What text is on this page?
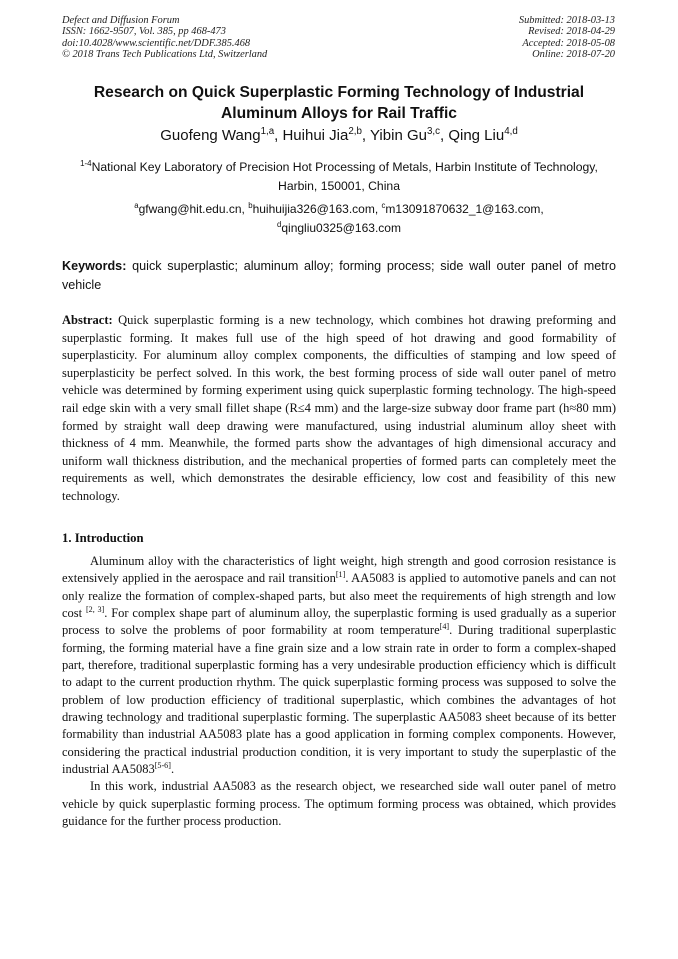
Defect and Diffusion Forum
ISSN: 1662-9507, Vol. 385, pp 468-473
doi:10.4028/www.scientific.net/DDF.385.468
© 2018 Trans Tech Publications Ltd, Switzerland
Submitted: 2018-03-13
Revised: 2018-04-29
Accepted: 2018-05-08
Online: 2018-07-20
Research on Quick Superplastic Forming Technology of Industrial
Aluminum Alloys for Rail Traffic
Guofeng Wang$^{1,a}$, Huihui Jia$^{2,b}$, Yibin Gu$^{3,c}$, Qing Liu$^{4,d}$
$^{1-4}$National Key Laboratory of Precision Hot Processing of Metals, Harbin Institute of Technology,
Harbin, 150001, China
$^a$gfwang@hit.edu.cn, $^b$huihuijia326@163.com, $^c$m13091870632_1@163.com,
$^d$qingliu0325@163.com
Keywords: quick superplastic; aluminum alloy; forming process; side wall outer panel of metro vehicle
Abstract: Quick superplastic forming is a new technology, which combines hot drawing preforming and superplastic forming. It makes full use of the high speed of hot drawing and good formability of superplasticity. For aluminum alloy complex components, the difficulties of stamping and low speed of superplasticity be perfect solved. In this work, the best forming process of side wall outer panel of metro vehicle was determined by forming experiment using quick superplastic forming technology. The high-speed rail edge skin with a very small fillet shape (R≤4 mm) and the large-size subway door frame part (h≈80 mm) formed by straight wall deep drawing were manufactured, using industrial aluminum alloy sheet with thickness of 4 mm. Meanwhile, the formed parts show the advantages of high dimensional accuracy and uniform wall thickness distribution, and the mechanical properties of formed parts can completely meet the requirements as well, which demonstrates the desirable efficiency, low cost and feasibility of this new technology.
1. Introduction

Aluminum alloy with the characteristics of light weight, high strength and good corrosion resistance is extensively applied in the aerospace and rail transition[1]. AA5083 is applied to automotive panels and can not only realize the formation of complex-shaped parts, but also meet the requirements of high strength and low cost [2, 3]. For complex shape part of aluminum alloy, the superplastic forming is used gradually as a superior process to solve the problems of poor formability at room temperature[4]. During traditional superplastic forming, the forming material have a fine grain size and a low strain rate in order to form a complex-shaped part, therefore, traditional superplastic forming has a very undesirable production efficiency which is difficult to adapt to the current production rhythm. The quick superplastic forming process was supposed to solve the problem of low production efficiency of traditional superplastic, which combines the advantages of hot drawing technology and traditional superplastic forming. The superplastic AA5083 sheet because of its better formability than industrial AA5083 plate has a good application in forming complex components. However, considering the practical industrial production condition, it is very important to study the superplastic of the industrial AA5083[5-6].

In this work, industrial AA5083 as the research object, we researched side wall outer panel of metro vehicle by quick superplastic forming process. The optimum forming process was obtained, which provides guidance for the further process production.
